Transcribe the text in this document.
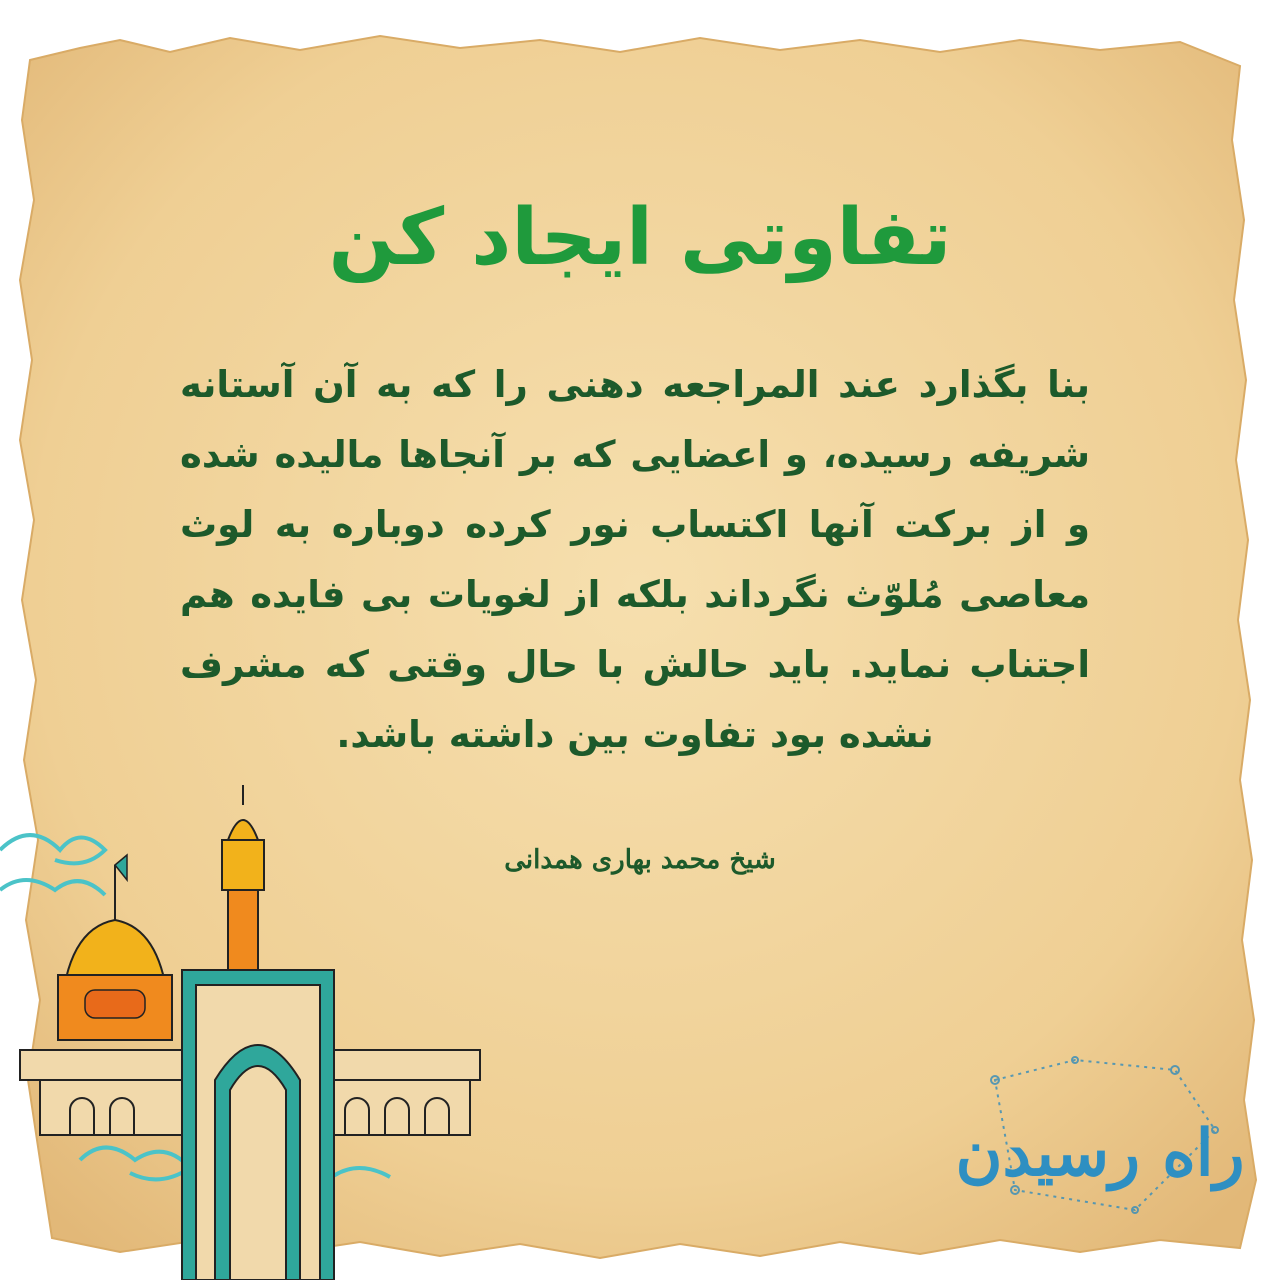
تفاوتی ایجاد کن
بنا بگذارد عند المراجعه دهنی را که به آن آستانه شریفه رسیده، و اعضایی که بر آنجاها مالیده شده و از برکت آنها اکتساب نور کرده دوباره به لوث معاصی مُلوّث نگرداند بلکه از لغویات بی فایده هم اجتناب نماید. باید حالش با حال وقتی که مشرف نشده بود تفاوت بین داشته باشد.
شیخ محمد بهاری همدانی
راه رسیدن
